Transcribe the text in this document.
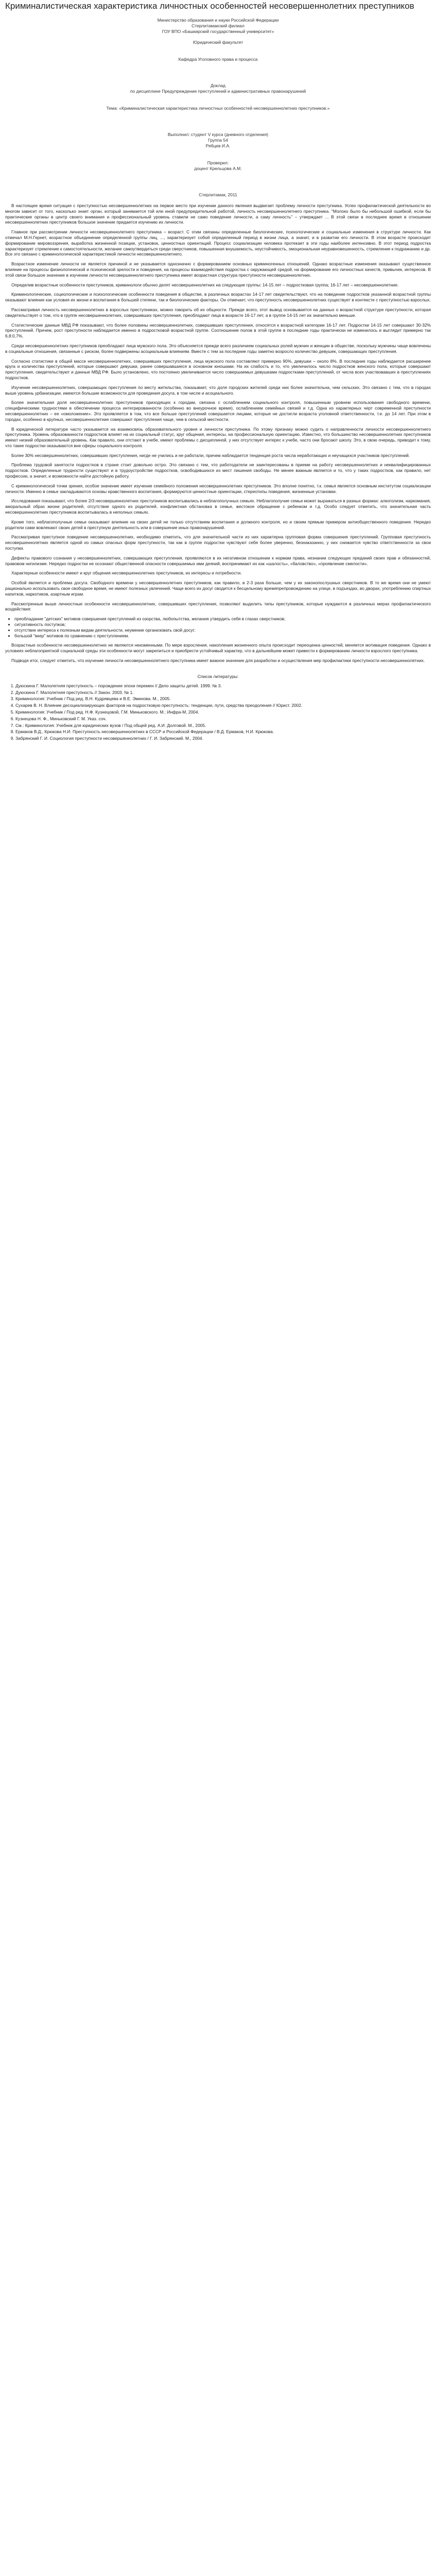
Криминалистическая характеристика личностных особенностей несовершеннолетних преступников

Министерство образования и науки Российской Федерации

Стерлитамакский филиал

ГОУ ВПО «Башкирский государственный университет»

Юридический факультет

Кафедра Уголовного права и процесса

Доклад

по дисциплине Предупреждение преступлений и административных правонарушений

Тема: «Криминалистическая характеристика личностных особенностей несовершеннолетних преступников.»

Выполнил: студент V курса (дневного отделения)

Группа 54

Рябцев И.А.

Проверил:

доцент Крельцова А.М.

Стерлитамак, 2011

В настоящее время ситуация с преступностью несовершеннолетних на первое место при изучении данного явления выдвигает проблему личности преступника. Успех профилактической деятельности во многом зависит от того, насколько знает орган, который занимается той или иной предупредительной работой, личность несовершеннолетнего преступника. "Молоко было бы небольшой ошибкой, если бы практические органы в центр своего внимания и профессиональный уровень ставили не само поведение личности, а саму личность" – утверждает ... В этой связи в последнее время в отношении несовершеннолетних преступников большое значение придается изучению их личности.

Главное при рассмотрении личности несовершеннолетнего преступника – возраст. С этим связаны определенные биологические, психологические и социальные изменения в структуре личности. Как отмечал М.Н.Гернет, возрастное объединение определенной группы лиц, ..., характеризует собой определенный период в жизни лица, а значит, и в развитии его личности. В этом возрасте происходит формирование мировоззрения, выработка жизненной позиции, установок, ценностных ориентаций. Процесс социализации человека протекает в эти годы наиболее интенсивно. В этот период подростка характеризует стремление к самостоятельности, желание самоутвердиться среди сверстников, повышенная внушаемость, неустойчивость, эмоциональная неуравновешенность, стремление к подражанию и др. Все это связано с криминологической характеристикой личности несовершеннолетнего.

Возрастное изменение личности не является причиной и не указывается однозначно с формированием основных криминогенных отношений. Однако возрастные изменения оказывают существенное влияние на процессы физиологической и психической зрелости и поведения, на процессы взаимодействия подростка с окружающей средой, на формирование его личностных качеств, привычек, интересов. В этой связи большое значение в изучении личности несовершеннолетнего преступника имеет возрастная структура преступности несовершеннолетних.

Определив возрастные особенности преступников, криминологи обычно делят несовершеннолетних на следующие группы: 14-15 лет – подростковая группа; 16-17 лет – несовершеннолетние.

Криминологические, социологические и психологические особенности поведения в обществе, в различных возрастах 14-17 лет свидетельствуют, что на поведение подростков указанной возрастной группы оказывают влияние как условия их жизни и воспитания в большей степени, так и биологические факторы. Он отмечает, что преступность несовершеннолетних существует в контексте с преступностью взрослых.

Рассматривая личность несовершеннолетних в взрослых преступниках, можно говорить об их общности. Прежде всего, этот вывод основывается на данных о возрастной структуре преступности, которая свидетельствует о том, что в группе несовершеннолетних, совершивших преступления, преобладают лица в возрасте 16-17 лет, а в группе 14-15 лет их значительно меньше.

Статистические данные МВД РФ показывают, что более половины несовершеннолетних, совершивших преступления, относятся к возрастной категории 16-17 лет. Подростки 14-15 лет совершают 30-32% преступлений. Причем, рост преступности наблюдается именно в подростковой возрастной группе. Соотношение полов в этой группе в последние годы практически не изменилось и выглядит примерно так 6,8:0,7%.

Среди несовершеннолетних преступников преобладают лица мужского пола. Это объясняется прежде всего различием социальных ролей мужчин и женщин в обществе, поскольку мужчины чаще вовлечены в социальные отношения, связанные с риском, более подвержены асоциальным влияниям. Вместе с тем за последние годы заметно возросло количество девушек, совершающих преступления.

Согласно статистике в общей массе несовершеннолетних, совершивших преступления, лица мужского пола составляют примерно 90%, девушки – около 8%. В последние годы наблюдается расширение круга и количества преступлений, которые совершают девушки, ранее совершавшиеся в основном юношами. На их слабость и то, что увеличилось число подростков женского пола, которые совершают преступления, свидетельствуют и данные МВД РФ. Было установлено, что постоянно увеличивается число совершаемых девушками подростками преступлений, от числа всех участвовавших в преступлениях подростков.

Изучение несовершеннолетних, совершающих преступления по месту жительства, показывает, что доля городских жителей среди них более значительна, чем сельских. Это связано с тем, что в городах выше уровень урбанизации, имеются большие возможности для проведения досуга, в том числе и асоциального.

Более значительная доля несовершеннолетних преступников приходящих к городам, связана с ослаблением социального контроля, повышенным уровнем использования свободного времени, специфическими трудностями в обеспечении процесса интегрированности (особенно во внеурочное время), ослаблением семейных связей и т.д. Одна из характерных черт современной преступности несовершеннолетних – ее «омоложение». Это проявляется в том, что все больше преступлений совершается лицами, которые не достигли возраста уголовной ответственности, т.е. до 14 лет. При этом в городах, особенно в крупных, несовершеннолетние совершают преступления чаще, чем в сельской местности.

В юридической литературе часто указывается на взаимосвязь образовательного уровня и личности преступника. По этому признаку можно судить о направленности личности несовершеннолетнего преступника. Уровень образованности подростков влияет на их социальный статус, круг общения, интересы, на профессиональную ориентацию. Известно, что большинство несовершеннолетних преступников имеют низкий образовательный уровень. Как правило, они отстают в учебе, имеют проблемы с дисциплиной, у них отсутствует интерес к учебе, часто они бросают школу. Это, в свою очередь, приводит к тому, что такие подростки оказываются вне сферы социального контроля.

Более 30% несовершеннолетних, совершивших преступления, нигде не учились и не работали, причем наблюдается тенденция роста числа неработающих и неучащихся участников преступлений.

Проблема трудовой занятости подростков в стране стоит довольно остро. Это связано с тем, что работодатели не заинтересованы в приеме на работу несовершеннолетних и неквалифицированных подростков. Определенные трудности существуют и в трудоустройстве подростков, освободившихся из мест лишения свободы. Не менее важным является и то, что у таких подростков, как правило, нет профессии, а значит, и возможности найти достойную работу.

С криминологической точки зрения, особое значение имеет изучение семейного положения несовершеннолетних преступников. Это вполне понятно, т.к. семья является основным институтом социализации личности. Именно в семье закладываются основы нравственного воспитания, формируются ценностные ориентации, стереотипы поведения, жизненные установки.

Исследования показывают, что более 2/3 несовершеннолетних преступников воспитывались в неблагополучных семьях. Неблагополучие семьи может выражаться в разных формах: алкоголизм, наркомания, аморальный образ жизни родителей, отсутствие одного из родителей, конфликтная обстановка в семье, жестокое обращение с ребенком и т.д. Особо следует отметить, что значительная часть несовершеннолетних преступников воспитывалась в неполных семьях.

Кроме того, неблагополучные семьи оказывают влияние на своих детей не только отсутствием воспитания и должного контроля, но и своим прямым примером антиобщественного поведения. Нередко родители сами вовлекают своих детей в преступную деятельность или в совершение иных правонарушений.

Рассматривая преступное поведение несовершеннолетних, необходимо отметить, что для значительной части из них характерна групповая форма совершения преступлений. Групповая преступность несовершеннолетних является одной из самых опасных форм преступности, так как в группе подростки чувствуют себя более уверенно, безнаказанно, у них снижается чувство ответственности за свои поступки.

Дефекты правового сознания у несовершеннолетних, совершающих преступления, проявляются в их негативном отношении к нормам права, незнании следующих преданий своих прав и обязанностей, правовом нигилизме. Нередко подростки не осознают общественной опасности совершаемых ими деяний, воспринимают их как «шалость», «баловство», «проявление смелости».

Характерные особенности имеют и круг общения несовершеннолетних преступников, их интересы и потребности.

Особой является и проблема досуга. Свободного времени у несовершеннолетних преступников, как правило, в 2-3 раза больше, чем у их законопослушных сверстников. В то же время они не умеют рационально использовать свое свободное время, не имеют полезных увлечений. Чаще всего их досуг сводится к бесцельному времяпрепровождению на улице, в подъездах, во дворах, употреблению спиртных напитков, наркотиков, азартным играм.

Рассмотренные выше личностные особенности несовершеннолетних, совершивших преступления, позволяют выделить типы преступников, которые нуждаются в различных мерах профилактического воздействия:

• преобладание "детских" мотивов совершения преступлений из озорства, любопытства, желания утвердить себя в глазах сверстников;
• ситуативность поступков;
• отсутствие интереса к полезным видам деятельности, неумение организовать свой досуг;
• большой "вкер" мотивов по сравнению с преступлением.

Возрастные особенности несовершеннолетних не являются неизменными. По мере взросления, накопления жизненного опыта происходит переоценка ценностей, меняется мотивация поведения. Однако в условиях неблагоприятной социальной среды эти особенности могут закрепиться и приобрести устойчивый характер, что в дальнейшем может привести к формированию личности взрослого преступника.

Подводя итог, следует отметить, что изучение личности несовершеннолетнего преступника имеет важное значение для разработки и осуществления мер профилактики преступности несовершеннолетних.

Список литературы:
1. Дуюскина Г. Малолетняя преступность – порождение эпохи перемен // Дело защиты детей. 1999. № 3.
2. Дуюскина Г. Малолетняя преступность // Закон. 2003. № 1.
3. Криминология: Учебник / Под ред. В.Н. Кудрявцева и В.Е. Эминова. М., 2005.
4. Сухарев В. Н. Влияние десоциализирующих факторов на подростковую преступность: тенденции, пути, средства преодоления // Юрист. 2002.
5. Криминология: Учебник / Под ред. Н.Ф. Кузнецовой, Г.М. Миньковского. М.: Инфра-М, 2004.
6. Кузнецова Н. Ф., Миньковский Г. М. Указ. соч.
7. См.: Криминология: Учебник для юридических вузов / Под общей ред. А.И. Долговой. М., 2005.
8. Ермаков В.Д., Крюкова Н.И. Преступность несовершеннолетних в СССР и Российской Федерации / В.Д. Ермаков, Н.И. Крюкова.
9. Забрянский Г. И. Социология преступности несовершеннолетних / Г. И. Забрянский. М., 2004.
